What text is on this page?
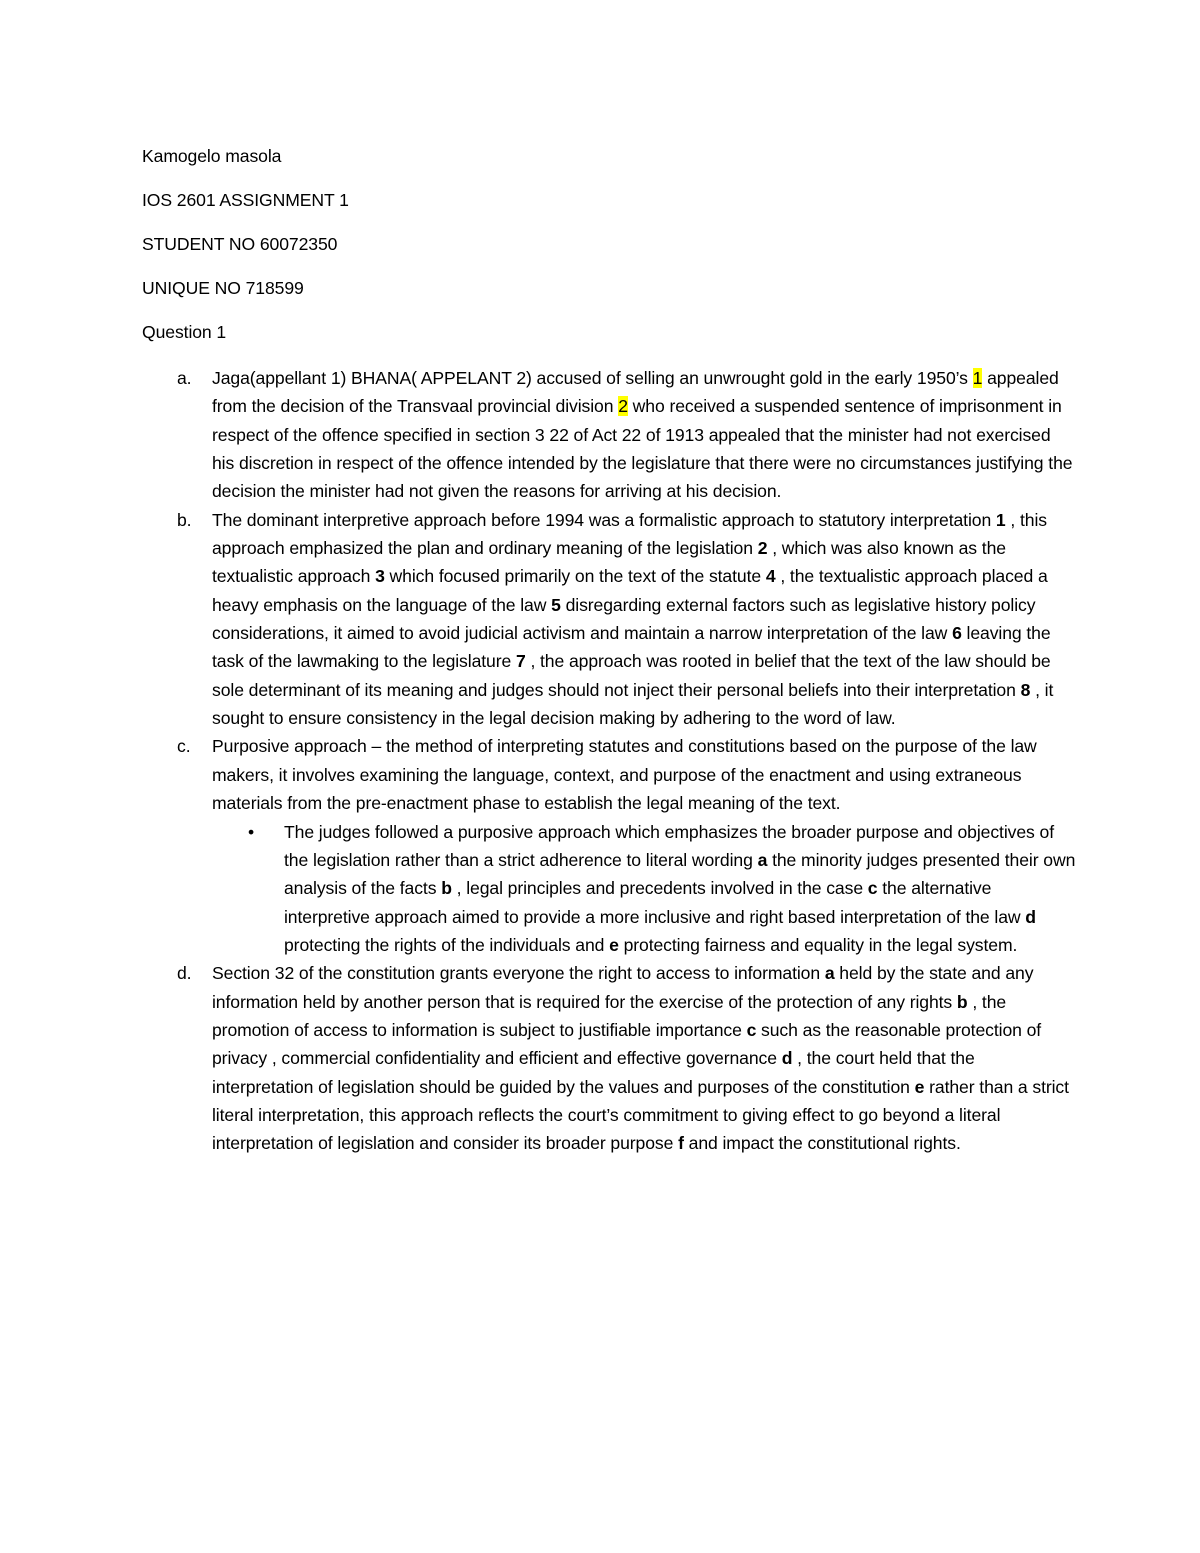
Kamogelo masola

IOS 2601 ASSIGNMENT 1

STUDENT NO 60072350

UNIQUE NO 718599

Question 1

a. Jaga(appellant 1) BHANA( APPELANT 2) accused of selling an unwrought gold in the early 1950’s 1 appealed from the decision of the Transvaal provincial division 2 who received a suspended sentence of imprisonment in respect of the offence specified in section 3 22 of Act 22 of 1913 appealed that the minister had not exercised his discretion in respect of the offence intended by the legislature that there were no circumstances justifying the decision the minister had not given the reasons for arriving at his decision.
b. The dominant interpretive approach before 1994 was a formalistic approach to statutory interpretation 1 , this approach emphasized the plan and ordinary meaning of the legislation 2 , which was also known as the textualistic approach 3 which focused primarily on the text of the statute 4 , the textualistic approach placed a heavy emphasis on the language of the law 5 disregarding external factors such as legislative history policy considerations, it aimed to avoid judicial activism and maintain a narrow interpretation of the law 6 leaving the task of the lawmaking to the legislature 7 , the approach was rooted in belief that the text of the law should be sole determinant of its meaning and judges should not inject their personal beliefs into their interpretation 8 , it sought to ensure consistency in the legal decision making by adhering to the word of law.
c. Purposive approach – the method of interpreting statutes and constitutions based on the purpose of the law makers, it involves examining the language, context, and purpose of the enactment and using extraneous materials from the pre-enactment phase to establish the legal meaning of the text.
• The judges followed a purposive approach which emphasizes the broader purpose and objectives of the legislation rather than a strict adherence to literal wording a the minority judges presented their own analysis of the facts b , legal principles and precedents involved in the case c the alternative interpretive approach aimed to provide a more inclusive and right based interpretation of the law d protecting the rights of the individuals and e protecting fairness and equality in the legal system.
d. Section 32 of the constitution grants everyone the right to access to information a held by the state and any information held by another person that is required for the exercise of the protection of any rights b , the promotion of access to information is subject to justifiable importance c such as the reasonable protection of privacy , commercial confidentiality and efficient and effective governance d , the court held that the interpretation of legislation should be guided by the values and purposes of the constitution e rather than a strict literal interpretation, this approach reflects the court’s commitment to giving effect to go beyond a literal interpretation of legislation and consider its broader purpose f and impact the constitutional rights.
